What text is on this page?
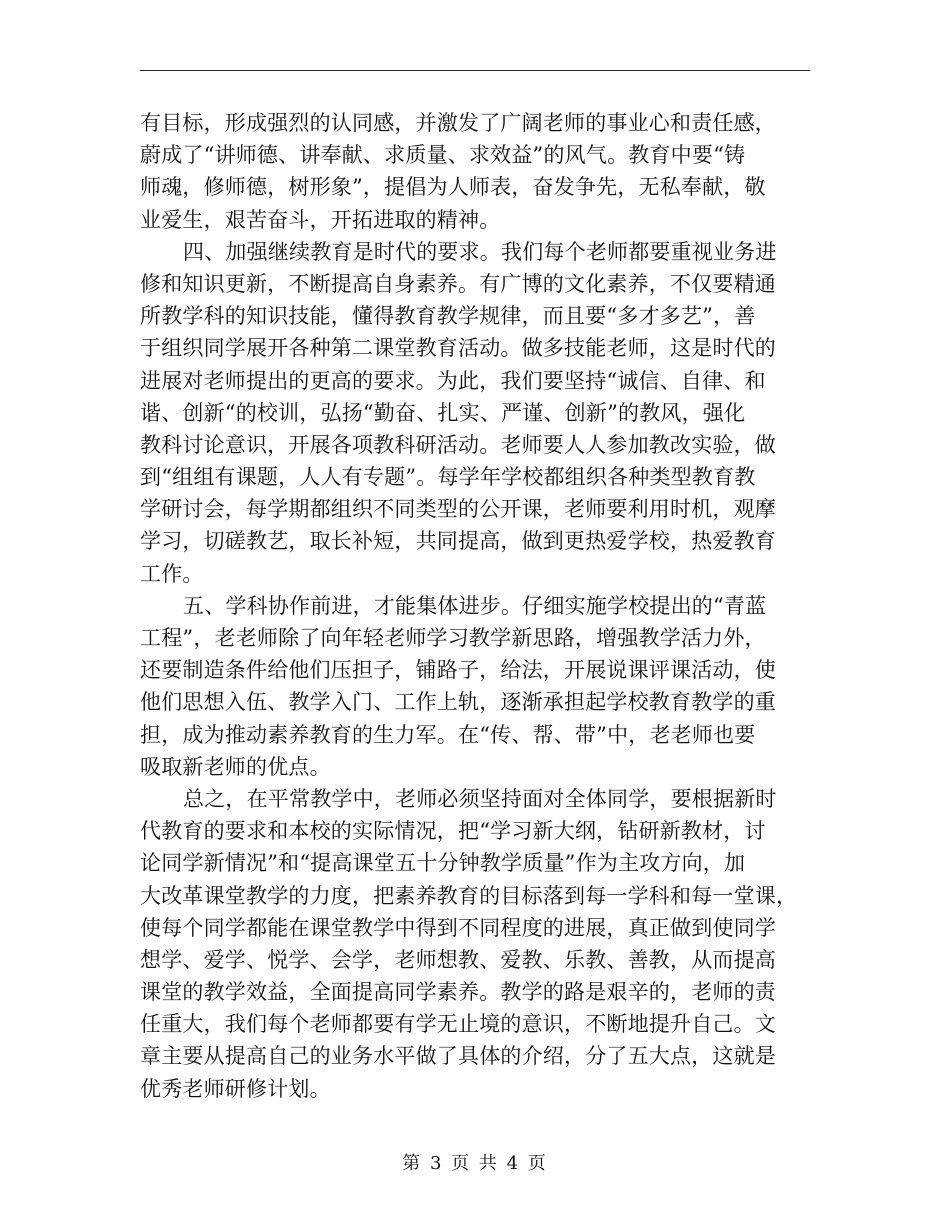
有目标，形成强烈的认同感，并激发了广阔老师的事业心和责任感，
蔚成了“讲师德、讲奉献、求质量、求效益”的风气。教育中要“铸
师魂，修师德，树形象”，提倡为人师表，奋发争先，无私奉献，敬
业爱生，艰苦奋斗，开拓进取的精神。
四、加强继续教育是时代的要求。我们每个老师都要重视业务进
修和知识更新，不断提高自身素养。有广博的文化素养，不仅要精通
所教学科的知识技能，懂得教育教学规律，而且要“多才多艺”，善
于组织同学展开各种第二课堂教育活动。做多技能老师，这是时代的
进展对老师提出的更高的要求。为此，我们要坚持“诚信、自律、和
谐、创新“的校训，弘扬“勤奋、扎实、严谨、创新”的教风，强化
教科讨论意识，开展各项教科研活动。老师要人人参加教改实验，做
到“组组有课题，人人有专题”。每学年学校都组织各种类型教育教
学研讨会，每学期都组织不同类型的公开课，老师要利用时机，观摩
学习，切磋教艺，取长补短，共同提高，做到更热爱学校，热爱教育
工作。
五、学科协作前进，才能集体进步。仔细实施学校提出的“青蓝
工程”，老老师除了向年轻老师学习教学新思路，增强教学活力外，
还要制造条件给他们压担子，铺路子，给法，开展说课评课活动，使
他们思想入伍、教学入门、工作上轨，逐渐承担起学校教育教学的重
担，成为推动素养教育的生力军。在“传、帮、带”中，老老师也要
吸取新老师的优点。
总之，在平常教学中，老师必须坚持面对全体同学，要根据新时
代教育的要求和本校的实际情况，把“学习新大纲，钻研新教材，讨
论同学新情况”和“提高课堂五十分钟教学质量”作为主攻方向，加
大改革课堂教学的力度，把素养教育的目标落到每一学科和每一堂课，
使每个同学都能在课堂教学中得到不同程度的进展，真正做到使同学
想学、爱学、悦学、会学，老师想教、爱教、乐教、善教，从而提高
课堂的教学效益，全面提高同学素养。教学的路是艰辛的，老师的责
任重大，我们每个老师都要有学无止境的意识，不断地提升自己。文
章主要从提高自己的业务水平做了具体的介绍，分了五大点，这就是
优秀老师研修计划。
第 3 页 共 4 页
